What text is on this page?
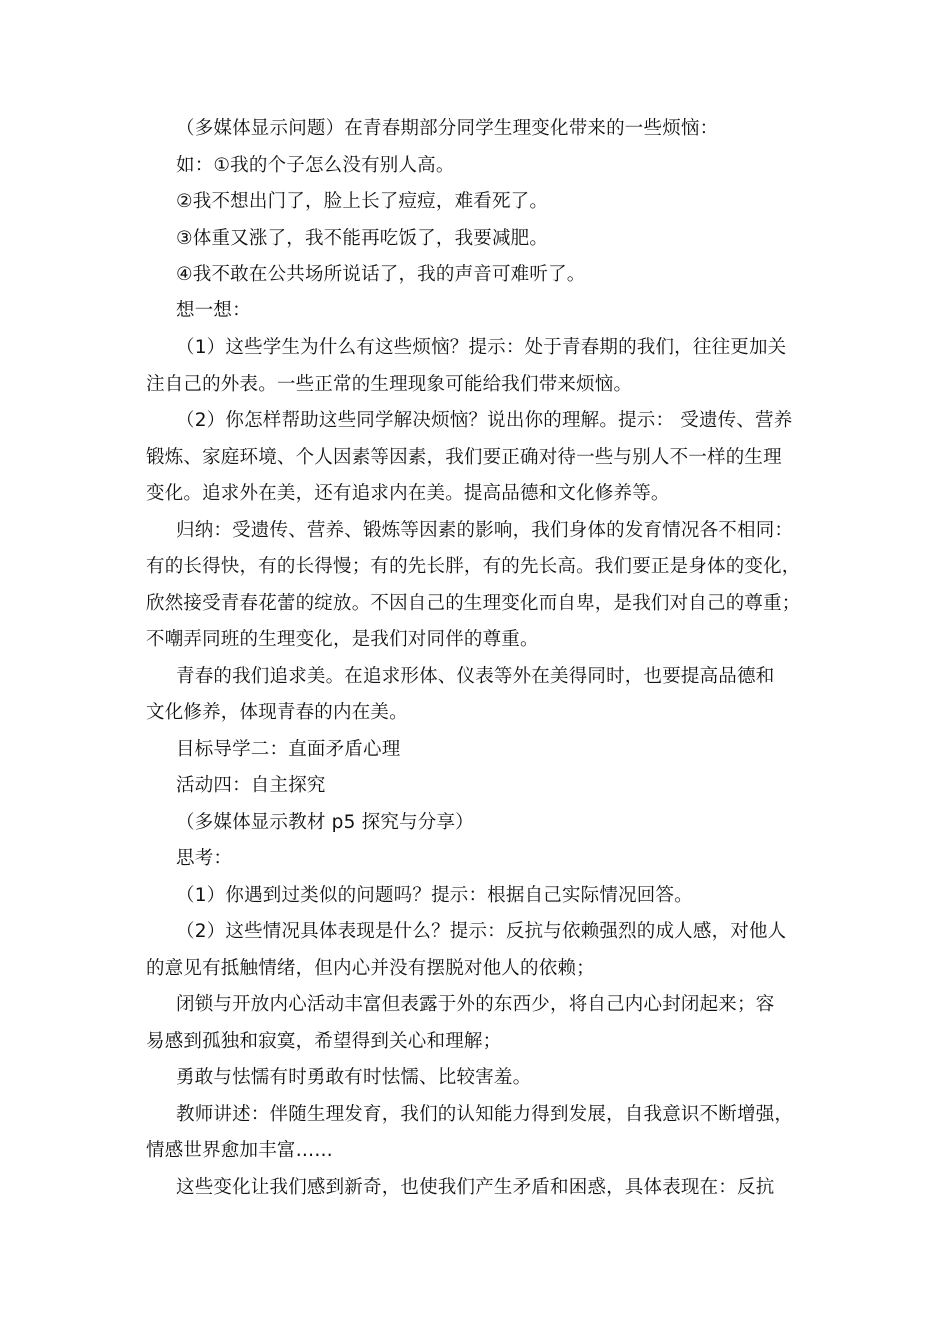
（多媒体显示问题）在青春期部分同学生理变化带来的一些烦恼：
如：①我的个子怎么没有别人高。
②我不想出门了，脸上长了痘痘，难看死了。
③体重又涨了，我不能再吃饭了，我要减肥。
④我不敢在公共场所说话了，我的声音可难听了。
想一想：
（1）这些学生为什么有这些烦恼？提示：处于青春期的我们，往往更加关
注自己的外表。一些正常的生理现象可能给我们带来烦恼。
（2）你怎样帮助这些同学解决烦恼？说出你的理解。提示： 受遗传、营养
锻炼、家庭环境、个人因素等因素，我们要正确对待一些与别人不一样的生理
变化。追求外在美，还有追求内在美。提高品德和文化修养等。
归纳：受遗传、营养、锻炼等因素的影响，我们身体的发育情况各不相同：
有的长得快，有的长得慢；有的先长胖，有的先长高。我们要正是身体的变化，
欣然接受青春花蕾的绽放。不因自己的生理变化而自卑，是我们对自己的尊重；
不嘲弄同班的生理变化，是我们对同伴的尊重。
青春的我们追求美。在追求形体、仪表等外在美得同时，也要提高品德和
文化修养，体现青春的内在美。
目标导学二：直面矛盾心理
活动四：自主探究
（多媒体显示教材 p5 探究与分享）
思考：
（1）你遇到过类似的问题吗？提示：根据自己实际情况回答。
（2）这些情况具体表现是什么？提示：反抗与依赖强烈的成人感，对他人
的意见有抵触情绪，但内心并没有摆脱对他人的依赖；
闭锁与开放内心活动丰富但表露于外的东西少，将自己内心封闭起来；容
易感到孤独和寂寞，希望得到关心和理解；
勇敢与怯懦有时勇敢有时怯懦、比较害羞。
教师讲述：伴随生理发育，我们的认知能力得到发展，自我意识不断增强，
情感世界愈加丰富……
这些变化让我们感到新奇，也使我们产生矛盾和困惑，具体表现在：反抗
